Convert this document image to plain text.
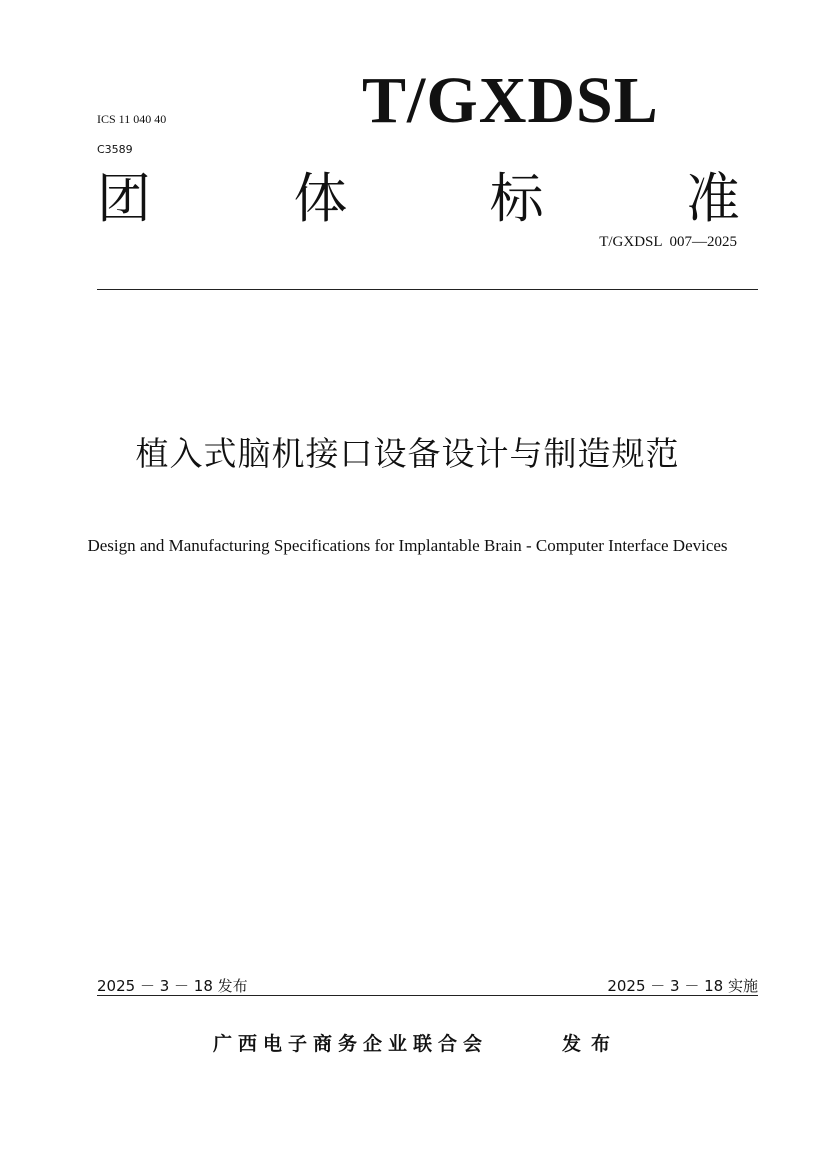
ICS 11 040 40
C3589
T/GXDSL
团	体	标	准
T/GXDSL  007—2025
植入式脑机接口设备设计与制造规范
Design and Manufacturing Specifications for Implantable Brain - Computer Interface Devices
2025 － 3 － 18 发布	2025 － 3 － 18 实施
广西电子商务企业联合会	发布
